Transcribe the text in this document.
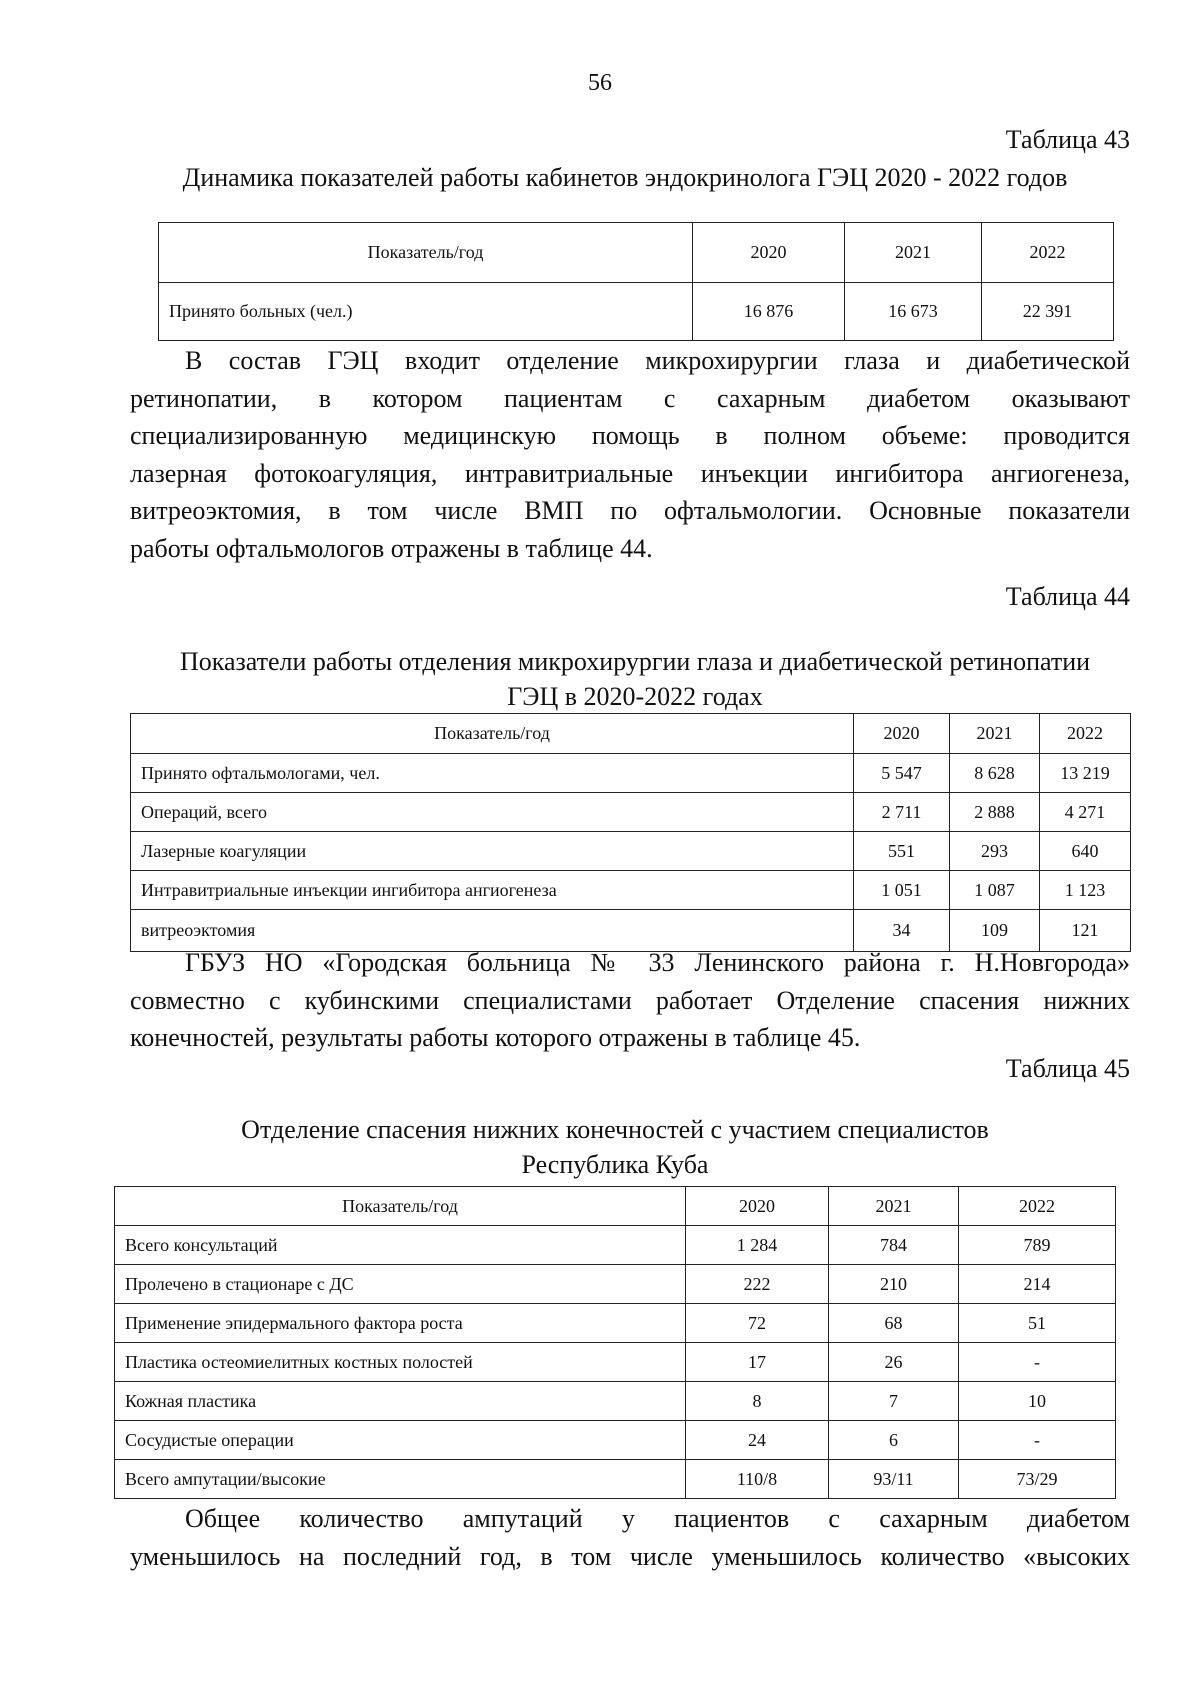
56
Таблица 43
Динамика показателей работы кабинетов эндокринолога ГЭЦ 2020 - 2022 годов
Показатель/год	2020	2021	2022
Принято больных (чел.)	16 876	16 673	22 391
В состав ГЭЦ входит отделение микрохирургии глаза и диабетической
ретинопатии, в котором пациентам с сахарным диабетом оказывают
специализированную медицинскую помощь в полном объеме: проводится
лазерная фотокоагуляция, интравитриальные инъекции ингибитора ангиогенеза,
витреоэктомия, в том числе ВМП по офтальмологии. Основные показатели
работы офтальмологов отражены в таблице 44.
Таблица 44
Показатели работы отделения микрохирургии глаза и диабетической ретинопатии
ГЭЦ в 2020-2022 годах
Показатель/год	2020	2021	2022
Принято офтальмологами, чел.	5 547	8 628	13 219
Операций, всего	2 711	2 888	4 271
Лазерные коагуляции	551	293	640
Интравитриальные инъекции ингибитора ангиогенеза	1 051	1 087	1 123
витреоэктомия	34	109	121
ГБУЗ НО «Городская больница № 33 Ленинского района г. Н.Новгорода»
совместно с кубинскими специалистами работает Отделение спасения нижних
конечностей, результаты работы которого отражены в таблице 45.
Таблица 45
Отделение спасения нижних конечностей с участием специалистов
Республика Куба
Показатель/год	2020	2021	2022
Всего консультаций	1 284	784	789
Пролечено в стационаре с ДС	222	210	214
Применение эпидермального фактора роста	72	68	51
Пластика остеомиелитных костных полостей	17	26	-
Кожная пластика	8	7	10
Сосудистые операции	24	6	-
Всего ампутации/высокие	110/8	93/11	73/29
Общее количество ампутаций у пациентов с сахарным диабетом
уменьшилось на последний год, в том числе уменьшилось количество «высоких
